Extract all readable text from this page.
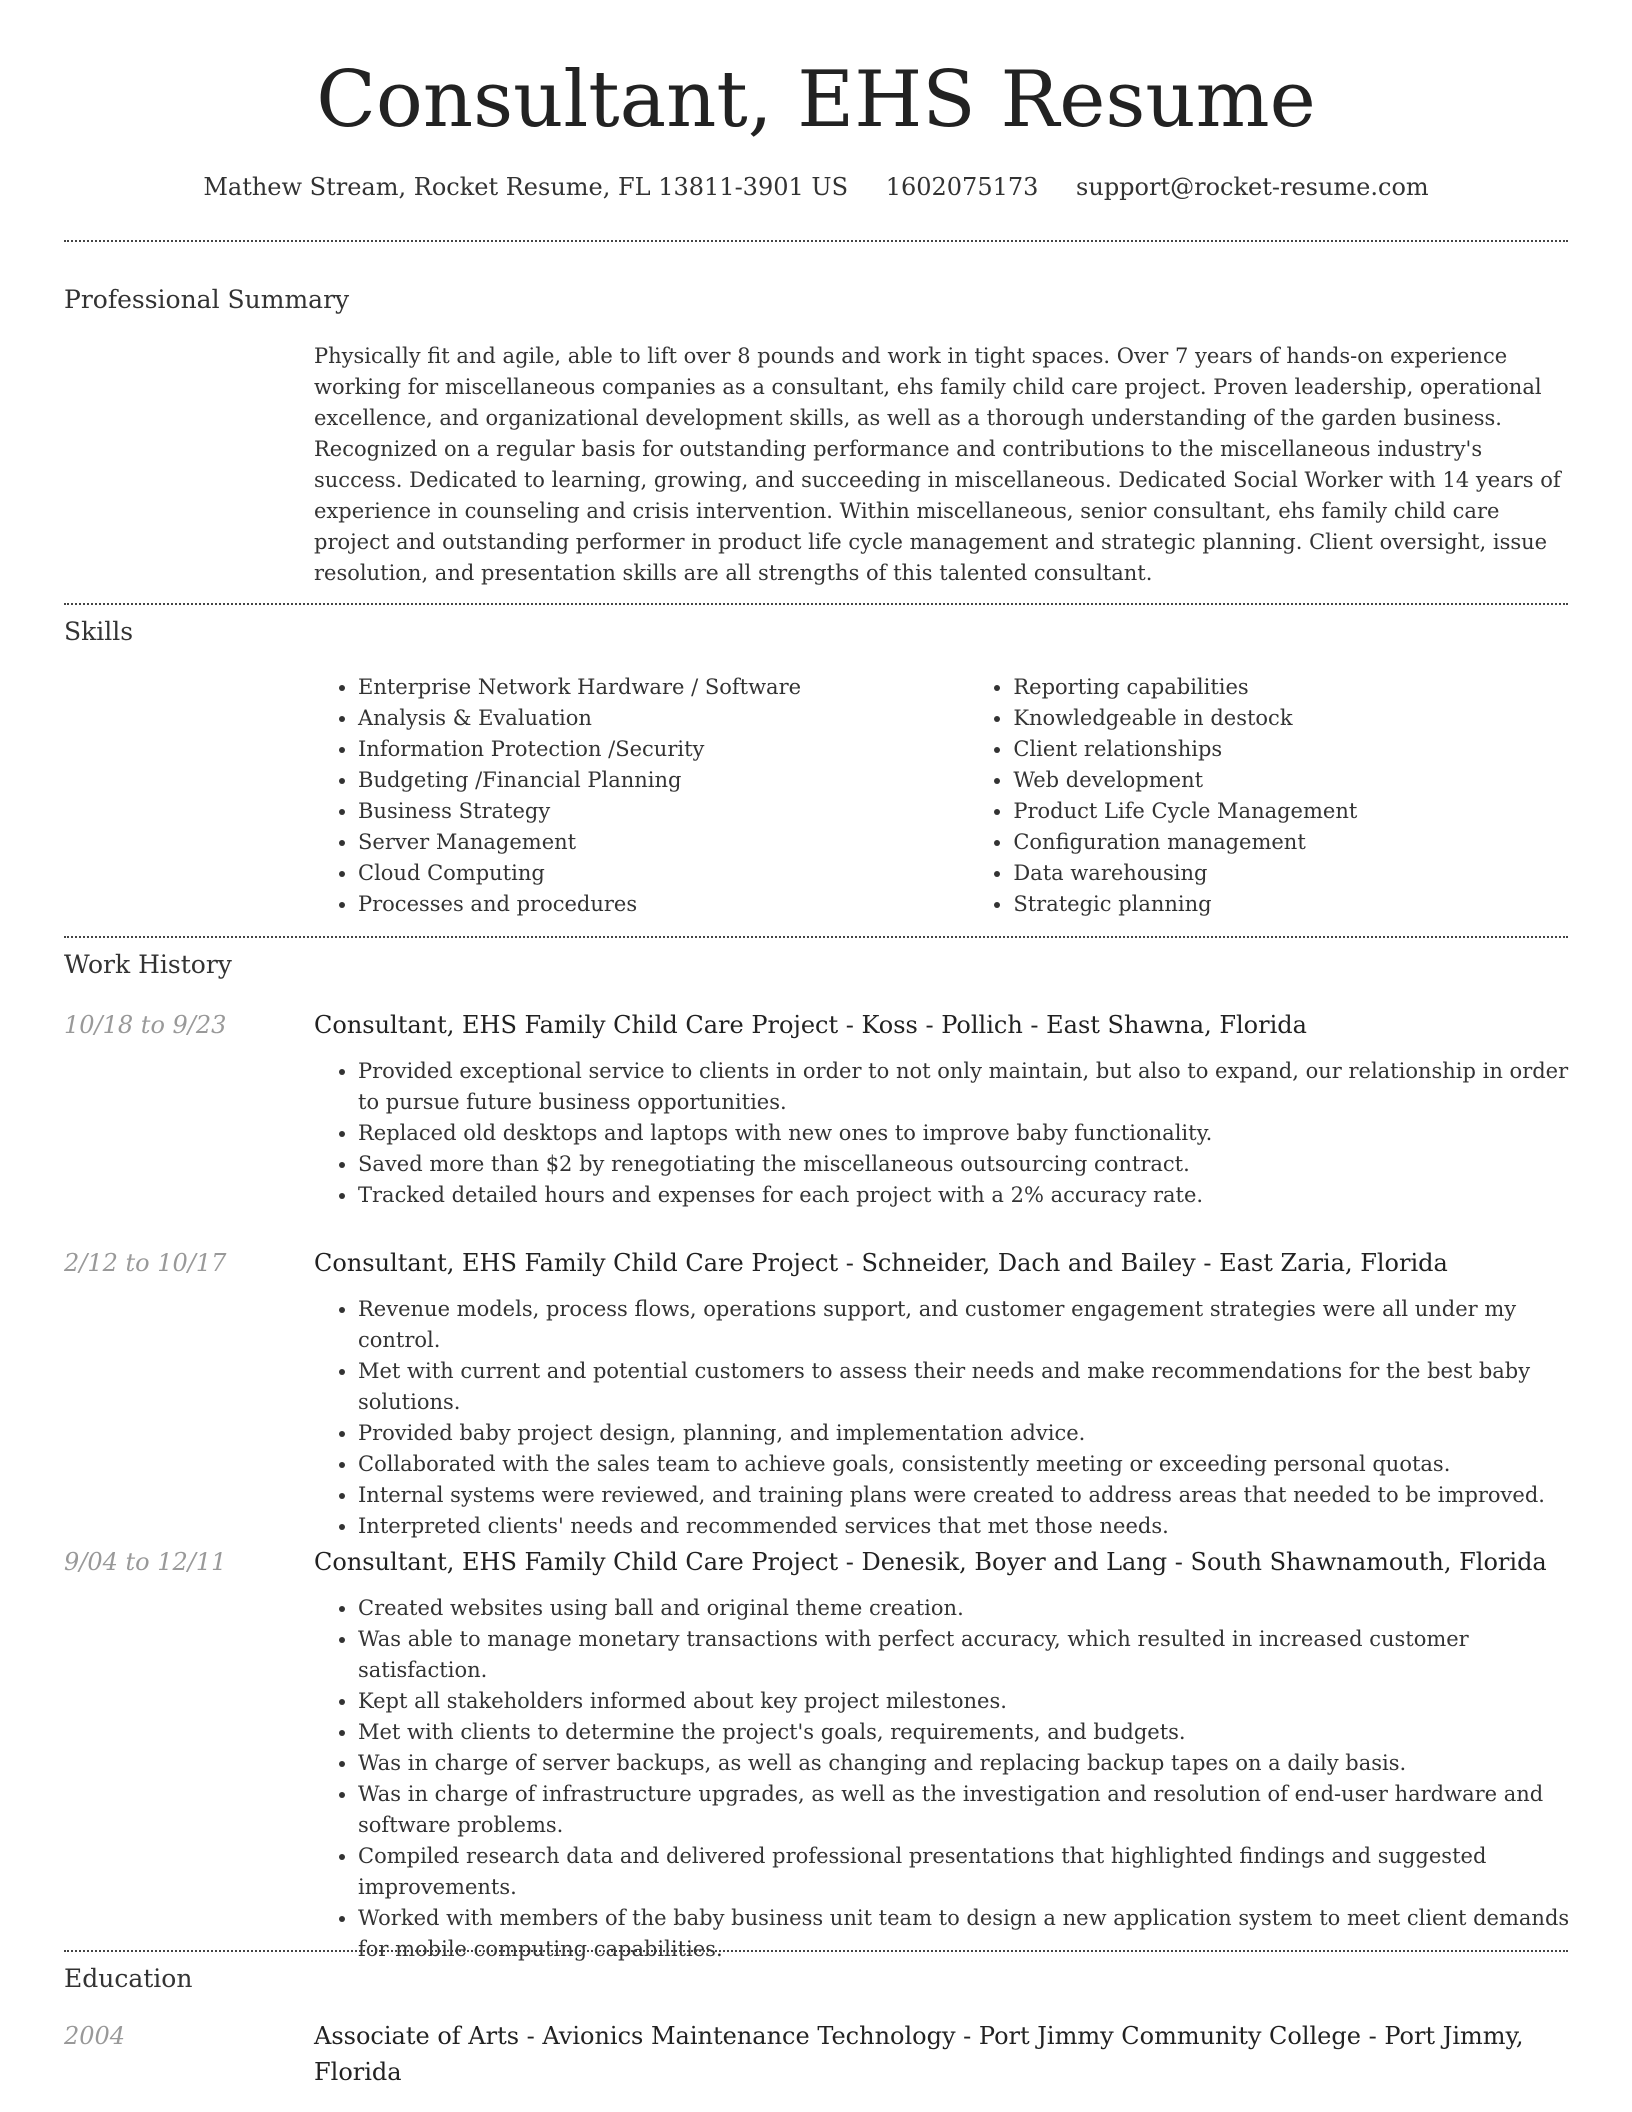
Consultant, EHS Resume
Mathew Stream, Rocket Resume, FL 13811-3901 US 1602075173 support@rocket-resume.com
Professional Summary

Physically fit and agile, able to lift over 8 pounds and work in tight spaces. Over 7 years of hands-on experience working for miscellaneous companies as a consultant, ehs family child care project. Proven leadership, operational excellence, and organizational development skills, as well as a thorough understanding of the garden business. Recognized on a regular basis for outstanding performance and contributions to the miscellaneous industry's success. Dedicated to learning, growing, and succeeding in miscellaneous. Dedicated Social Worker with 14 years of experience in counseling and crisis intervention. Within miscellaneous, senior consultant, ehs family child care project and outstanding performer in product life cycle management and strategic planning. Client oversight, issue resolution, and presentation skills are all strengths of this talented consultant.

Skills
• Enterprise Network Hardware / Software
• Analysis & Evaluation
• Information Protection /Security
• Budgeting /Financial Planning
• Business Strategy
• Server Management
• Cloud Computing
• Processes and procedures
• Reporting capabilities
• Knowledgeable in destock
• Client relationships
• Web development
• Product Life Cycle Management
• Configuration management
• Data warehousing
• Strategic planning
Work History
10/18 to 9/23	Consultant, EHS Family Child Care Project - Koss - Pollich - East Shawna, Florida
• Provided exceptional service to clients in order to not only maintain, but also to expand, our relationship in order to pursue future business opportunities.
• Replaced old desktops and laptops with new ones to improve baby functionality.
• Saved more than $2 by renegotiating the miscellaneous outsourcing contract.
• Tracked detailed hours and expenses for each project with a 2% accuracy rate.
2/12 to 10/17	Consultant, EHS Family Child Care Project - Schneider, Dach and Bailey - East Zaria, Florida
• Revenue models, process flows, operations support, and customer engagement strategies were all under my control.
• Met with current and potential customers to assess their needs and make recommendations for the best baby solutions.
• Provided baby project design, planning, and implementation advice.
• Collaborated with the sales team to achieve goals, consistently meeting or exceeding personal quotas.
• Internal systems were reviewed, and training plans were created to address areas that needed to be improved.
• Interpreted clients' needs and recommended services that met those needs.
9/04 to 12/11	Consultant, EHS Family Child Care Project - Denesik, Boyer and Lang - South Shawnamouth, Florida
• Created websites using ball and original theme creation.
• Was able to manage monetary transactions with perfect accuracy, which resulted in increased customer satisfaction.
• Kept all stakeholders informed about key project milestones.
• Met with clients to determine the project's goals, requirements, and budgets.
• Was in charge of server backups, as well as changing and replacing backup tapes on a daily basis.
• Was in charge of infrastructure upgrades, as well as the investigation and resolution of end-user hardware and software problems.
• Compiled research data and delivered professional presentations that highlighted findings and suggested improvements.
• Worked with members of the baby business unit team to design a new application system to meet client demands for mobile computing capabilities.
Education
2004	Associate of Arts - Avionics Maintenance Technology - Port Jimmy Community College - Port Jimmy, Florida
